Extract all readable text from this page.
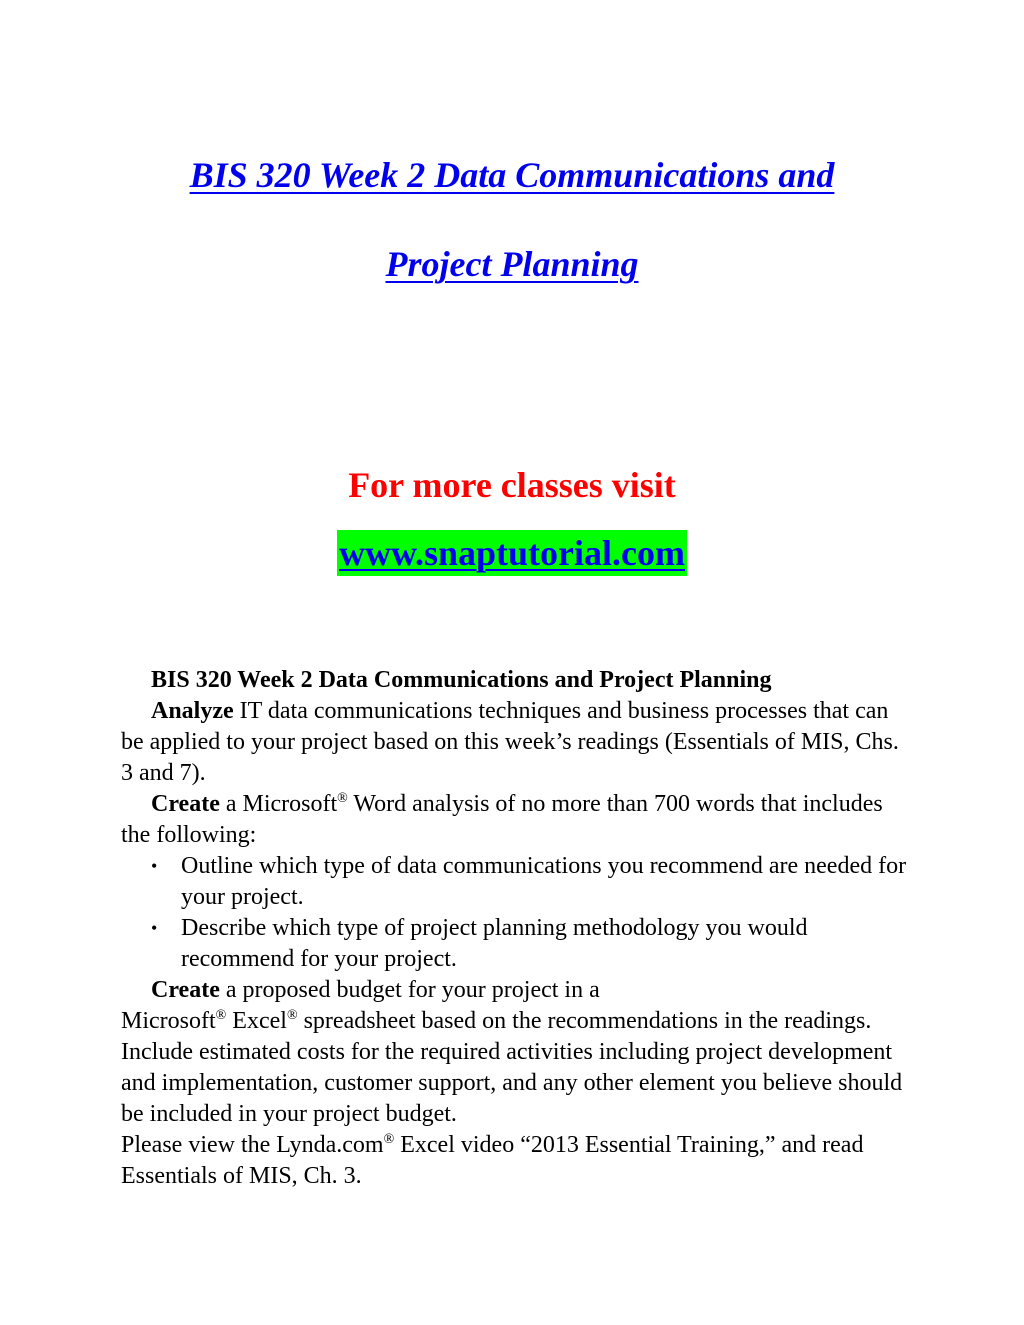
BIS 320 Week 2 Data Communications and
Project Planning

For more classes visit

www.snaptutorial.com

BIS 320 Week 2 Data Communications and Project Planning

Analyze IT data communications techniques and business processes that can be applied to your project based on this week’s readings (Essentials of MIS, Chs. 3 and 7).

Create a Microsoft® Word analysis of no more than 700 words that includes the following:

• Outline which type of data communications you recommend are needed for your project.
• Describe which type of project planning methodology you would recommend for your project.

Create a proposed budget for your project in a
Microsoft® Excel® spreadsheet based on the recommendations in the readings. Include estimated costs for the required activities including project development and implementation, customer support, and any other element you believe should be included in your project budget.
Please view the Lynda.com® Excel video “2013 Essential Training,” and read Essentials of MIS, Ch. 3.
